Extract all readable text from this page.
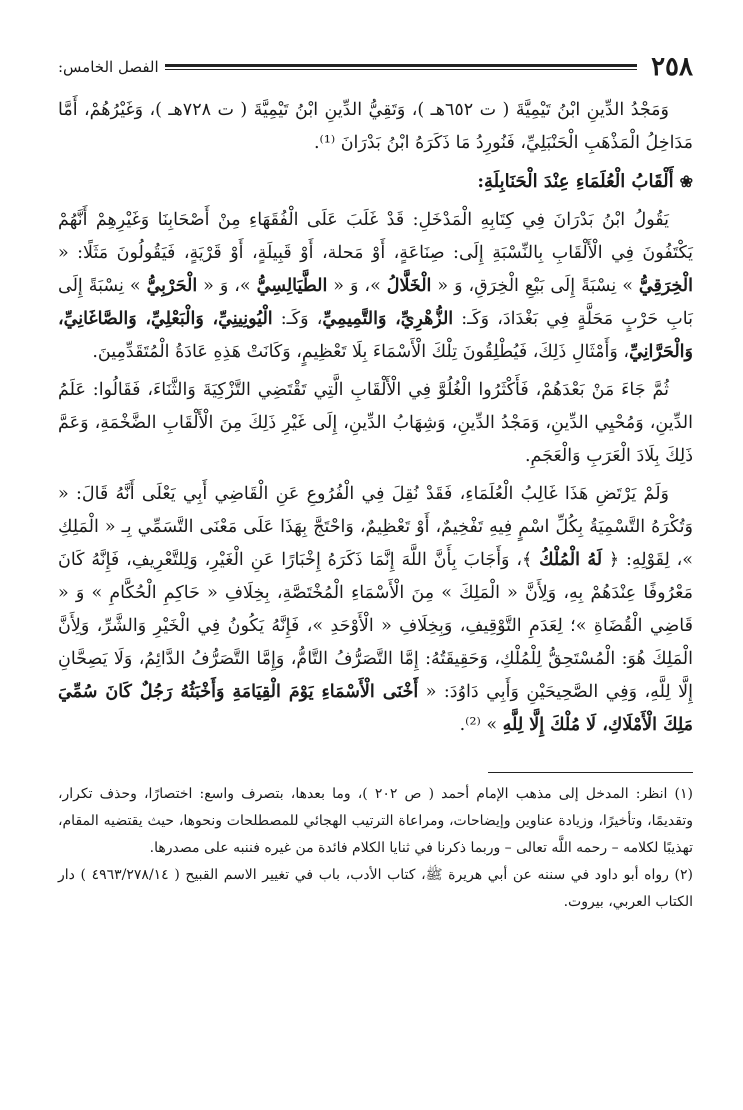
٢٥٨
الفصل الخامس:

وَمَجْدُ الدِّينِ ابْنُ تَيْمِيَّةَ ( ت ٦٥٢هـ )، وَتَقِيُّ الدِّينِ ابْنُ تَيْمِيَّةَ ( ت ٧٢٨هـ )، وَغَيْرُهُمْ، أَمَّا مَدَاخِلُ الْمَذْهَبِ الْحَنْبَلِيِّ، فَنُورِدُ مَا ذَكَرَهُ ابْنُ بَدْرَانَ ⁽¹⁾.

❀
أَلْقَابُ الْعُلَمَاءِ عِنْدَ الْحَنَابِلَةِ:

يَقُولُ ابْنُ بَدْرَانَ فِي كِتَابِهِ الْمَدْخَلِ: قَدْ غَلَبَ عَلَى الْفُقَهَاءِ مِنْ أَصْحَابِنَا وَغَيْرِهِمْ أَنَّهُمْ يَكْتَفُونَ فِي الْأَلْقَابِ بِالنِّسْبَةِ إِلَى: صِنَاعَةٍ، أَوْ مَحلة، أَوْ قَبِيلَةٍ، أَوْ قَرْيَةٍ، فَيَقُولُونَ مَثَلًا: « الْخِرَقِيُّ » نِسْبَةً إِلَى بَيْعِ الْخِرَقِ، وَ « الْخَلَّالُ »، وَ « الطَّيَالِسِيُّ »، وَ « الْحَرْبِيُّ » نِسْبَةً إِلَى بَابِ حَرْبٍ مَحَلَّةٍ فِي بَغْدَادَ، وَكَـ: الزُّهْرِيِّ، وَالتَّمِيمِيِّ، وَكَـ: الْيُونِينِيِّ، وَالْبَعْلِيِّ، وَالصَّاغَانِيِّ، وَالْحَرَّانِيِّ، وَأَمْثَالِ ذَلِكَ، فَيُطْلِقُونَ تِلْكَ الْأَسْمَاءَ بِلَا تَعْظِيمٍ، وَكَانَتْ هَذِهِ عَادَةُ الْمُتَقَدِّمِينَ.

ثُمَّ جَاءَ مَنْ بَعْدَهُمْ، فَأَكْثَرُوا الْغُلُوَّ فِي الْأَلْقَابِ الَّتِي تَقْتَضِي التَّزْكِيَةَ وَالثَّنَاءَ، فَقَالُوا: عَلَمُ الدِّينِ، وَمُحْيِي الدِّينِ، وَمَجْدُ الدِّينِ، وَشِهَابُ الدِّينِ، إِلَى غَيْرِ ذَلِكَ مِنَ الْأَلْقَابِ الضَّخْمَةِ، وَعَمَّ ذَلِكَ بِلَادَ الْعَرَبِ وَالْعَجَمِ.

وَلَمْ يَرْتَضِ هَذَا غَالِبُ الْعُلَمَاءِ، فَقَدْ نُقِلَ فِي الْفُرُوعِ عَنِ الْقَاضِي أَبِي يَعْلَى أَنَّهُ قَالَ: « وَتُكْرَهُ التَّسْمِيَةُ بِكُلِّ اسْمٍ فِيهِ تَفْخِيمٌ، أَوْ تَعْظِيمٌ، وَاحْتَجَّ بِهَذَا عَلَى مَعْنَى التَّسَمِّي بِـ « الْمَلِكِ »، لِقَوْلِهِ: ﴿ لَهُ الْمُلْكُ ﴾، وَأَجَابَ بِأَنَّ اللَّهَ إِنَّمَا ذَكَرَهُ إِخْبَارًا عَنِ الْغَيْرِ، وَلِلتَّعْرِيفِ، فَإِنَّهُ كَانَ مَعْرُوفًا عِنْدَهُمْ بِهِ، وَلِأَنَّ « الْمَلِكَ » مِنَ الْأَسْمَاءِ الْمُخْتَصَّةِ، بِخِلَافِ « حَاكِمِ الْحُكَّامِ » وَ « قَاضِي الْقُضَاةِ »؛ لِعَدَمِ التَّوْقِيفِ، وَبِخِلَافِ « الْأَوْحَدِ »، فَإِنَّهُ يَكُونُ فِي الْخَيْرِ وَالشَّرِّ، وَلِأَنَّ الْمَلِكَ هُوَ: الْمُسْتَحِقُّ لِلْمُلْكِ، وَحَقِيقَتُهُ: إِمَّا التَّصَرُّفُ التَّامُّ، وَإِمَّا التَّصَرُّفُ الدَّائِمُ، وَلَا يَصِحَّانِ إِلَّا لِلَّهِ، وَفِي الصَّحِيحَيْنِ وَأَبِي دَاوُدَ: « أَخْنَى الْأَسْمَاءِ يَوْمَ الْقِيَامَةِ وَأَخْبَثُهُ رَجُلٌ كَانَ سُمِّيَ مَلِكَ الْأَمْلَاكِ، لَا مُلْكَ إِلَّا لِلَّهِ » ⁽²⁾.

(١) انظر: المدخل إلى مذهب الإمام أحمد ( ص ٢٠٢ )، وما بعدها، بتصرف واسع: اختصارًا، وحذف تكرار، وتقديمًا، وتأخيرًا، وزيادة عناوين وإيضاحات، ومراعاة الترتيب الهجائي للمصطلحات ونحوها، حيث يقتضيه المقام، تهذيبًا لكلامه – رحمه اللَّه تعالى – وربما ذكرنا في ثنايا الكلام فائدة من غيره فننبه على مصدرها.

(٢) رواه أبو داود في سننه عن أبي هريرة ﷺ، كتاب الأدب، باب في تغيير الاسم القبيح ( ٤٩٦٣/٢٧٨/١٤ ) دار الكتاب العربي، بيروت.
